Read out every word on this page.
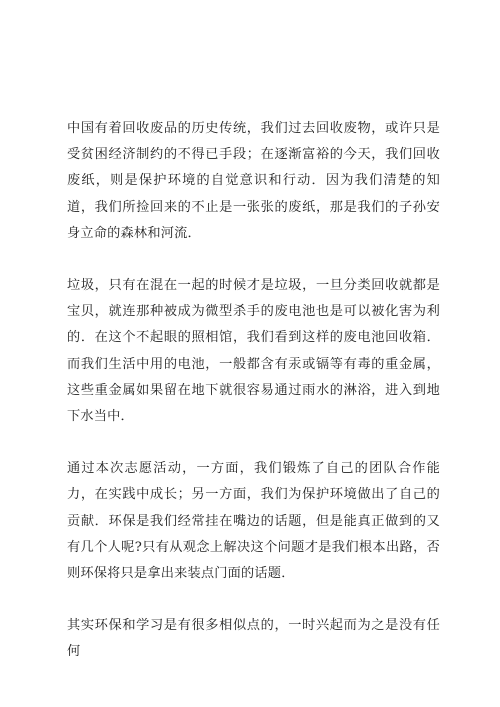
中国有着回收废品的历史传统，我们过去回收废物，或许只是受贫困经济制约的不得已手段；在逐渐富裕的今天，我们回收废纸，则是保护环境的自觉意识和行动．因为我们清楚的知道，我们所捡回来的不止是一张张的废纸，那是我们的子孙安身立命的森林和河流．

垃圾，只有在混在一起的时候才是垃圾，一旦分类回收就都是宝贝，就连那种被成为微型杀手的废电池也是可以被化害为利的．在这个不起眼的照相馆，我们看到这样的废电池回收箱．而我们生活中用的电池，一般都含有汞或镉等有毒的重金属，这些重金属如果留在地下就很容易通过雨水的淋浴，进入到地下水当中．

通过本次志愿活动，一方面，我们锻炼了自己的团队合作能力，在实践中成长；另一方面，我们为保护环境做出了自己的贡献．环保是我们经常挂在嘴边的话题，但是能真正做到的又有几个人呢?只有从观念上解决这个问题才是我们根本出路，否则环保将只是拿出来装点门面的话题．

其实环保和学习是有很多相似点的，一时兴起而为之是没有任何
